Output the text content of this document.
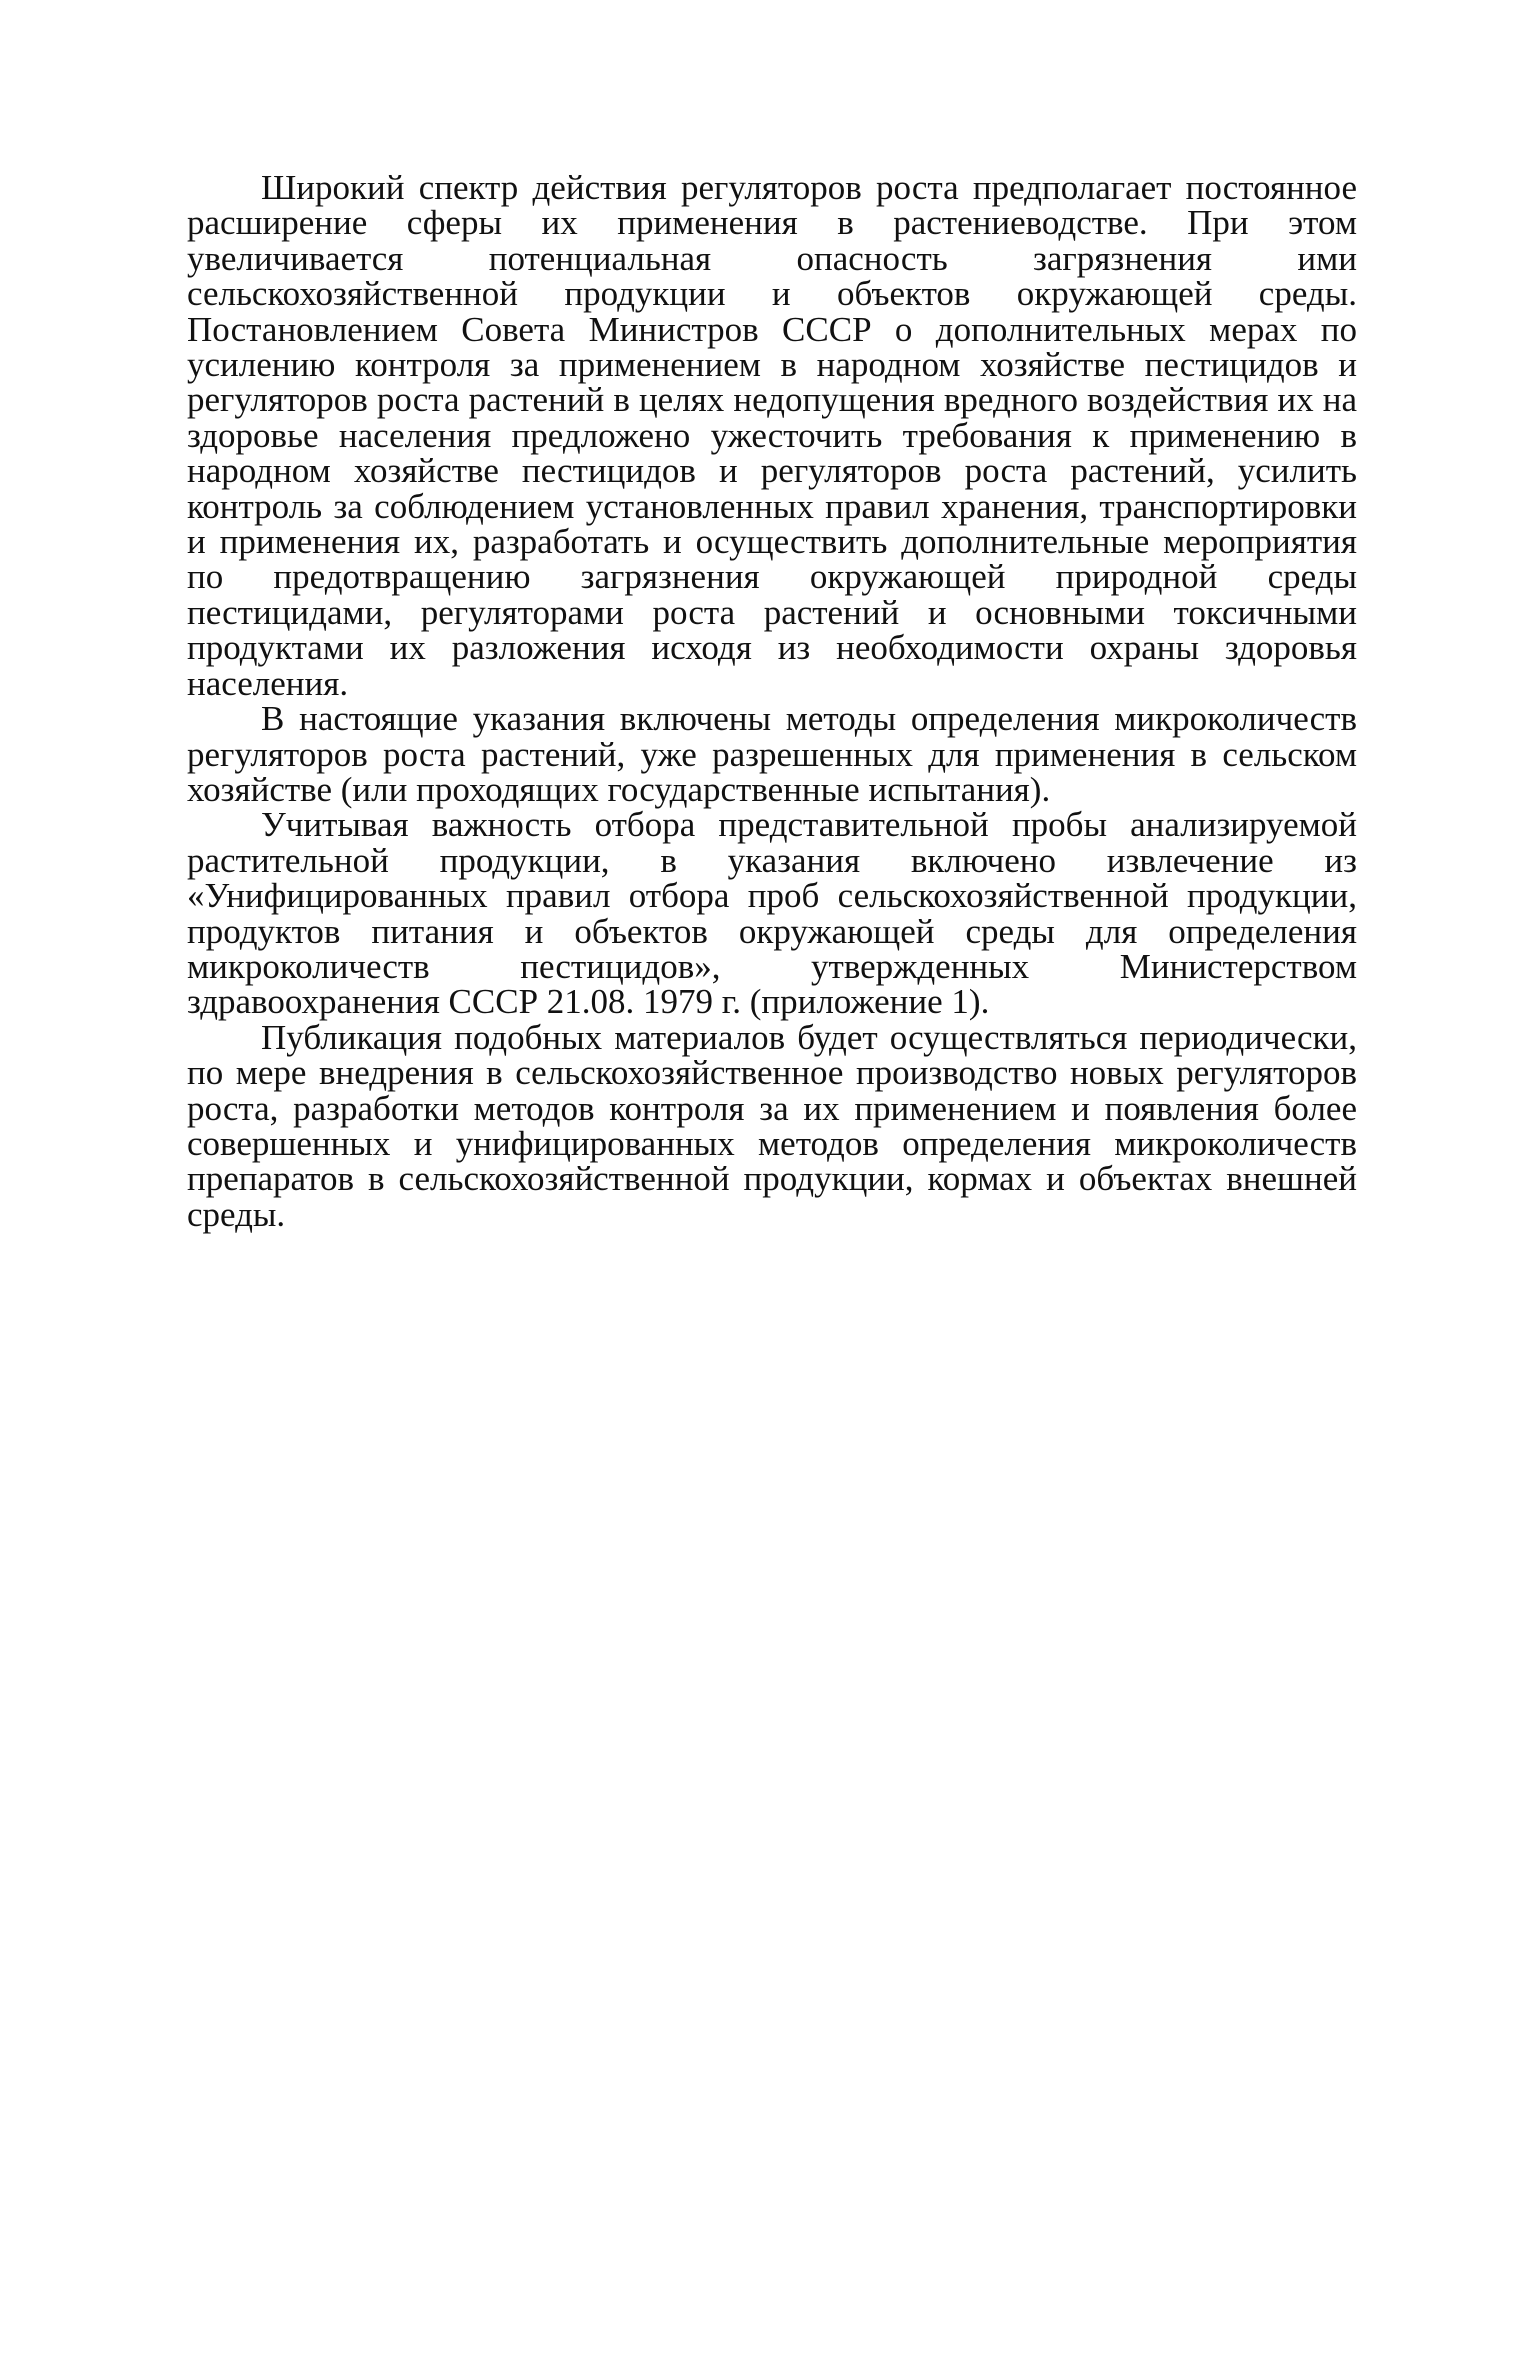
Широкий спектр действия регуляторов роста предполагает постоянное расширение сферы их применения в растениеводстве. При этом увеличивается потенциальная опасность загрязнения ими сельскохозяйственной продукции и объектов окружающей среды. Постановлением Совета Министров СССР о дополнительных мерах по усилению контроля за применением в народном хозяйстве пестицидов и регуляторов роста растений в целях недопущения вредного воздействия их на здоровье населения предложено ужесточить требования к применению в народном хозяйстве пестицидов и регуляторов роста растений, усилить контроль за соблюдением установленных правил хранения, транспортировки и применения их, разработать и осуществить дополнительные мероприятия по предотвращению загрязнения окружающей природной среды пестицидами, регуляторами роста растений и основными токсичными продуктами их разложения исходя из необходимости охраны здоровья населения.

В настоящие указания включены методы определения микроколичеств регуляторов роста растений, уже разрешенных для применения в сельском хозяйстве (или проходящих государственные испытания).

Учитывая важность отбора представительной пробы анализируемой растительной продукции, в указания включено извлечение из «Унифицированных правил отбора проб сельскохозяйственной продукции, продуктов питания и объектов окружающей среды для определения микроколичеств пестицидов», утвержденных Министерством здравоохранения СССР 21.08. 1979 г. (приложение 1).

Публикация подобных материалов будет осуществляться периодически, по мере внедрения в сельскохозяйственное производство новых регуляторов роста, разработки методов контроля за их применением и появления более совершенных и унифицированных методов определения микроколичеств препаратов в сельскохозяйственной продукции, кормах и объектах внешней среды.
